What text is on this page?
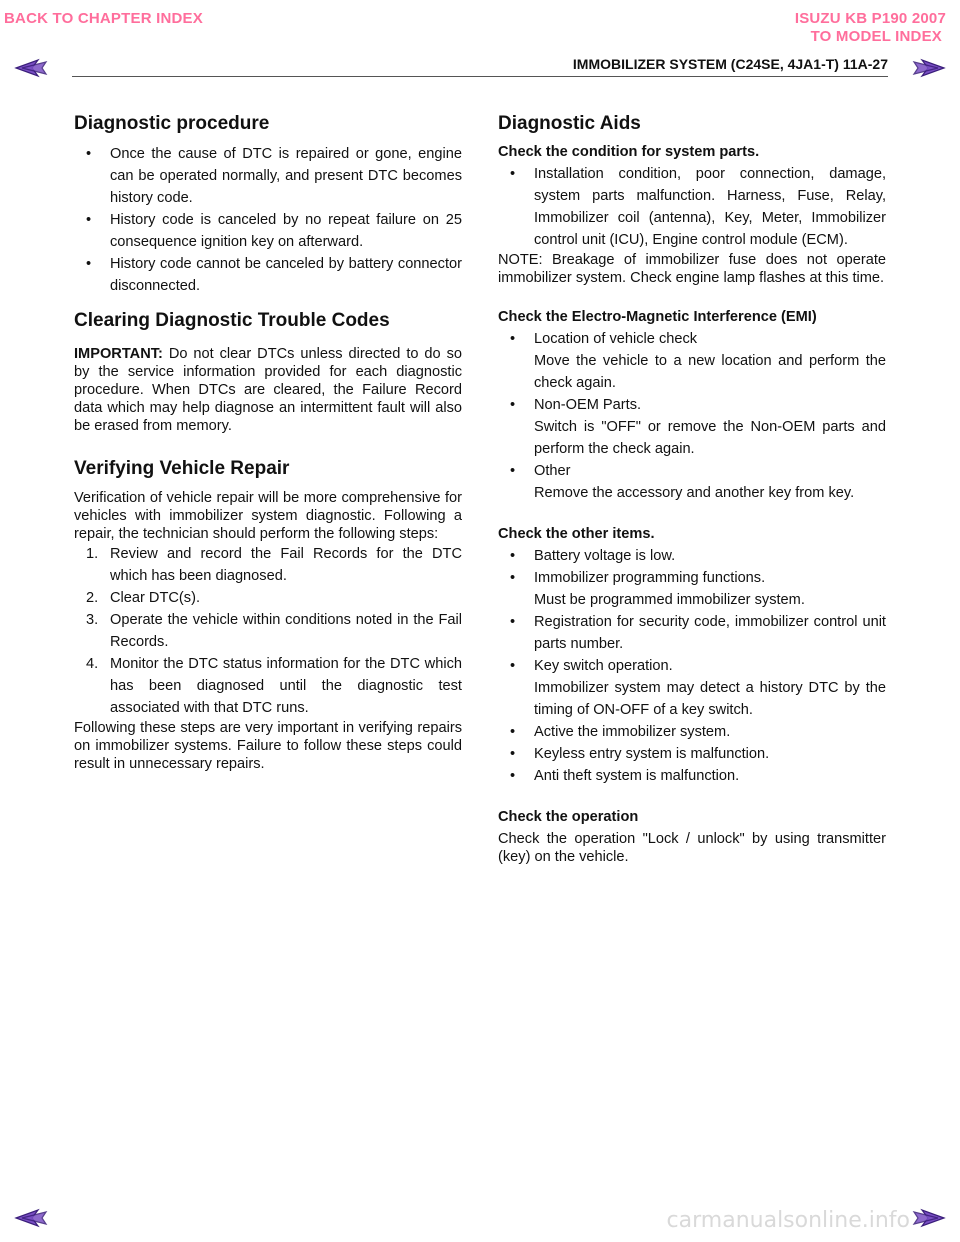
BACK TO CHAPTER INDEX	ISUZU KB P190 2007
TO MODEL INDEX
IMMOBILIZER SYSTEM (C24SE, 4JA1-T) 11A-27
Diagnostic procedure
• Once the cause of DTC is repaired or gone, engine can be operated normally, and present DTC becomes history code.
• History code is canceled by no repeat failure on 25 consequence ignition key on afterward.
• History code cannot be canceled by battery connector disconnected.
Clearing Diagnostic Trouble Codes

IMPORTANT: Do not clear DTCs unless directed to do so by the service information provided for each diagnostic procedure. When DTCs are cleared, the Failure Record data which may help diagnose an intermittent fault will also be erased from memory.

Verifying Vehicle Repair

Verification of vehicle repair will be more comprehensive for vehicles with immobilizer system diagnostic. Following a repair, the technician should perform the following steps:

1. Review and record the Fail Records for the DTC which has been diagnosed.
2. Clear DTC(s).
3. Operate the vehicle within conditions noted in the Fail Records.
4. Monitor the DTC status information for the DTC which has been diagnosed until the diagnostic test associated with that DTC runs.

Following these steps are very important in verifying repairs on immobilizer systems. Failure to follow these steps could result in unnecessary repairs.

Diagnostic Aids

Check the condition for system parts.

• Installation condition, poor connection, damage, system parts malfunction. Harness, Fuse, Relay, Immobilizer coil (antenna), Key, Meter, Immobilizer control unit (ICU), Engine control module (ECM).

NOTE: Breakage of immobilizer fuse does not operate immobilizer system. Check engine lamp flashes at this time.

Check the Electro-Magnetic Interference (EMI)

• Location of vehicle check
Move the vehicle to a new location and perform the check again.
• Non-OEM Parts.
Switch is "OFF" or remove the Non-OEM parts and perform the check again.
• Other
Remove the accessory and another key from key.

Check the other items.

• Battery voltage is low.
• Immobilizer programming functions.
Must be programmed immobilizer system.
• Registration for security code, immobilizer control unit parts number.
• Key switch operation.
Immobilizer system may detect a history DTC by the timing of ON-OFF of a key switch.
• Active the immobilizer system.
• Keyless entry system is malfunction.
• Anti theft system is malfunction.

Check the operation

Check the operation "Lock / unlock" by using transmitter (key) on the vehicle.

carmanualsonline.info
